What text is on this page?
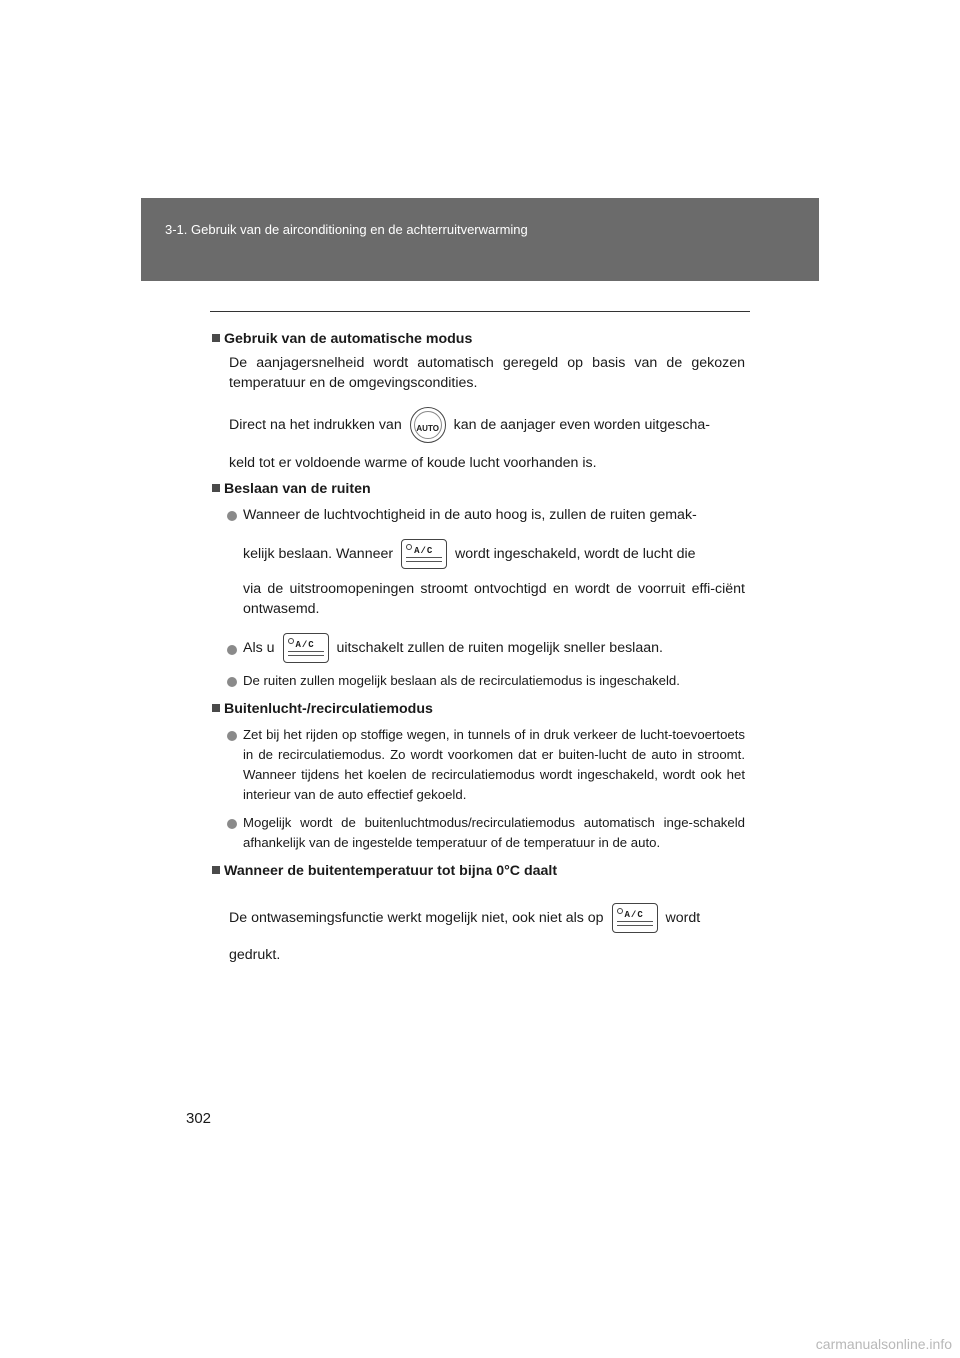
3-1. Gebruik van de airconditioning en de achterruitverwarming

Gebruik van de automatische modus

De aanjagersnelheid wordt automatisch geregeld op basis van de gekozen temperatuur en de omgevingscondities.
Direct na het indrukken van	AUTO	kan de aanjager even worden uitgescha-
keld tot er voldoende warme of koude lucht voorhanden is.

Beslaan van de ruiten

Wanneer de luchtvochtigheid in de auto hoog is, zullen de ruiten gemak-
kelijk beslaan. Wanneer A/C wordt ingeschakeld, wordt de lucht die
via de uitstroomopeningen stroomt ontvochtigd en wordt de voorruit effi-ciënt ontwasemd.
Als u A/C uitschakelt zullen de ruiten mogelijk sneller beslaan.
De ruiten zullen mogelijk beslaan als de recirculatiemodus is ingeschakeld.

Buitenlucht-/recirculatiemodus

Zet bij het rijden op stoffige wegen, in tunnels of in druk verkeer de lucht-toevoertoets in de recirculatiemodus. Zo wordt voorkomen dat er buiten-lucht de auto in stroomt. Wanneer tijdens het koelen de recirculatiemodus wordt ingeschakeld, wordt ook het interieur van de auto effectief gekoeld.
Mogelijk wordt de buitenluchtmodus/recirculatiemodus automatisch inge-schakeld afhankelijk van de ingestelde temperatuur of de temperatuur in de auto.

Wanneer de buitentemperatuur tot bijna 0°C daalt

De ontwasemingsfunctie werkt mogelijk niet, ook niet als op A/C wordt
gedrukt.
302
carmanualsonline.info
